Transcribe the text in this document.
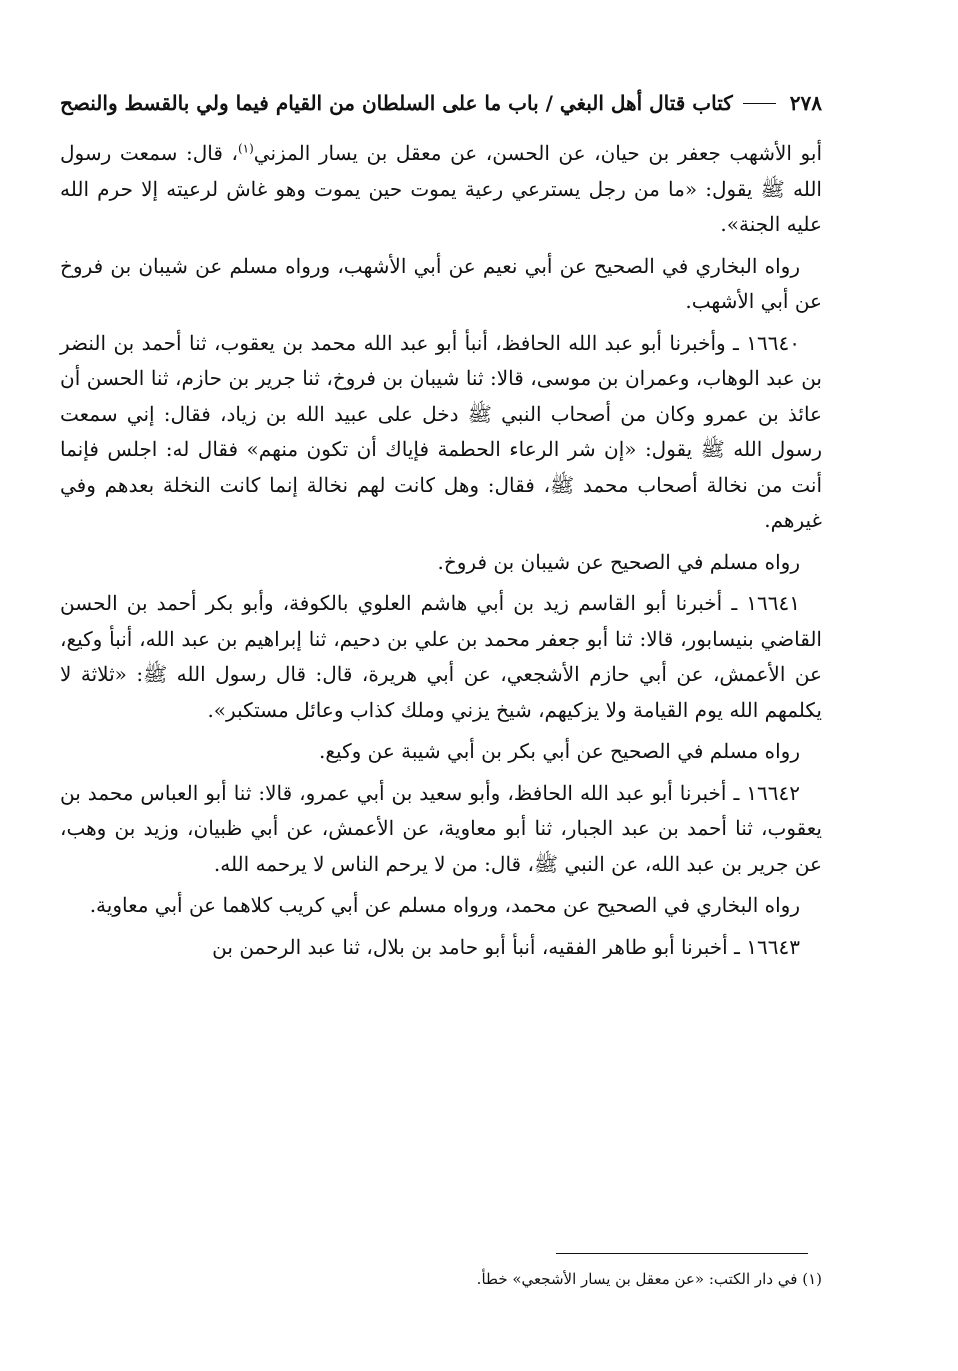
٢٧٨
كتاب قتال أهل البغي / باب ما على السلطان من القيام فيما ولي بالقسط والنصح

أبو الأشهب جعفر بن حيان، عن الحسن، عن معقل بن يسار المزني$^{(١)}$، قال: سمعت رسول الله ﷺ يقول: «ما من رجل يسترعي رعية يموت حين يموت وهو غاش لرعيته إلا حرم الله عليه الجنة».

رواه البخاري في الصحيح عن أبي نعيم عن أبي الأشهب، ورواه مسلم عن شيبان بن فروخ عن أبي الأشهب.

١٦٦٤٠ ـ وأخبرنا أبو عبد الله الحافظ، أنبأ أبو عبد الله محمد بن يعقوب، ثنا أحمد بن النضر بن عبد الوهاب، وعمران بن موسى، قالا: ثنا شيبان بن فروخ، ثنا جرير بن حازم، ثنا الحسن أن عائذ بن عمرو وكان من أصحاب النبي ﷺ دخل على عبيد الله بن زياد، فقال: إني سمعت رسول الله ﷺ يقول: «إن شر الرعاء الحطمة فإياك أن تكون منهم» فقال له: اجلس فإنما أنت من نخالة أصحاب محمد ﷺ، فقال: وهل كانت لهم نخالة إنما كانت النخلة بعدهم وفي غيرهم.

رواه مسلم في الصحيح عن شيبان بن فروخ.

١٦٦٤١ ـ أخبرنا أبو القاسم زيد بن أبي هاشم العلوي بالكوفة، وأبو بكر أحمد بن الحسن القاضي بنيسابور، قالا: ثنا أبو جعفر محمد بن علي بن دحيم، ثنا إبراهيم بن عبد الله، أنبأ وكيع، عن الأعمش، عن أبي حازم الأشجعي، عن أبي هريرة، قال: قال رسول الله ﷺ: «ثلاثة لا يكلمهم الله يوم القيامة ولا يزكيهم، شيخ يزني وملك كذاب وعائل مستكبر».

رواه مسلم في الصحيح عن أبي بكر بن أبي شيبة عن وكيع.

١٦٦٤٢ ـ أخبرنا أبو عبد الله الحافظ، وأبو سعيد بن أبي عمرو، قالا: ثنا أبو العباس محمد بن يعقوب، ثنا أحمد بن عبد الجبار، ثنا أبو معاوية، عن الأعمش، عن أبي ظبيان، وزيد بن وهب، عن جرير بن عبد الله، عن النبي ﷺ، قال: من لا يرحم الناس لا يرحمه الله.

رواه البخاري في الصحيح عن محمد، ورواه مسلم عن أبي كريب كلاهما عن أبي معاوية.

١٦٦٤٣ ـ أخبرنا أبو طاهر الفقيه، أنبأ أبو حامد بن بلال، ثنا عبد الرحمن بن

(١) في دار الكتب: «عن معقل بن يسار الأشجعي» خطأ.
